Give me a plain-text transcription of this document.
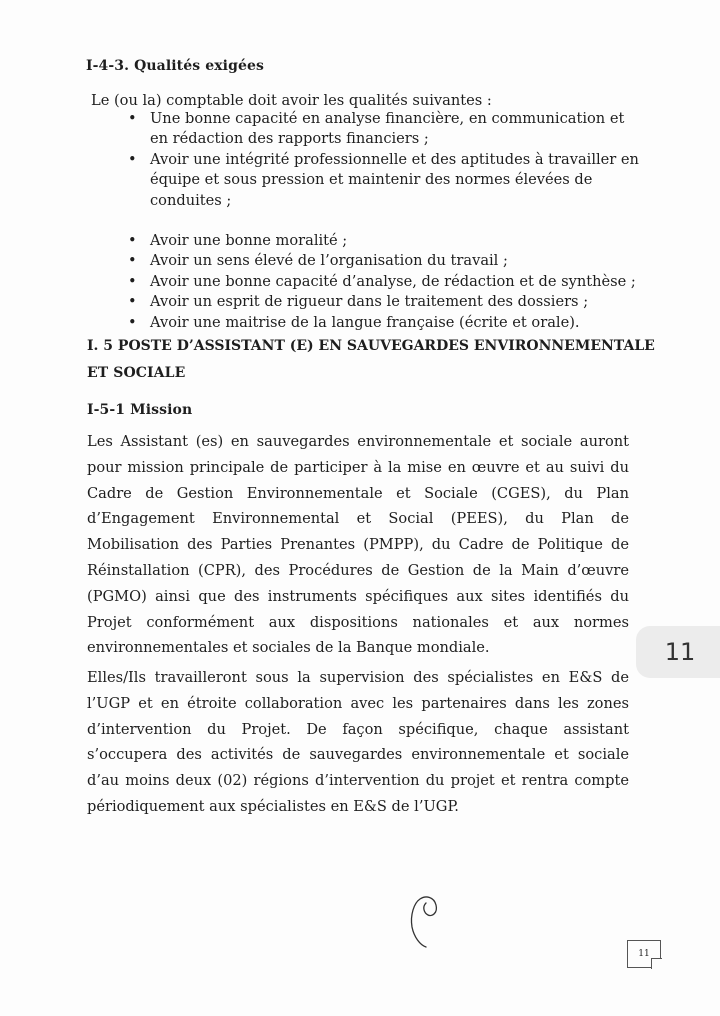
I-4-3. Qualités exigées
Le (ou la) comptable doit avoir les qualités suivantes :
• Une bonne capacité en analyse financière, en communication et en rédaction des rapports financiers ;
• Avoir une intégrité professionnelle et des aptitudes à travailler en équipe et sous pression et maintenir des normes élevées de conduites ;
• Avoir une bonne moralité ;
• Avoir un sens élevé de l’organisation du travail ;
• Avoir une bonne capacité d’analyse, de rédaction et de synthèse ;
• Avoir un esprit de rigueur dans le traitement des dossiers ;
• Avoir une maitrise de la langue française (écrite et orale).
I. 5 POSTE D’ASSISTANT (E) EN SAUVEGARDES ENVIRONNEMENTALE
ET SOCIALE
I-5-1 Mission
Les Assistant (es) en sauvegardes environnementale et sociale auront pour mission principale de participer à la mise en œuvre et au suivi du Cadre de Gestion Environnementale et Sociale (CGES), du Plan d’Engagement Environnemental et Social (PEES), du Plan de Mobilisation des Parties Prenantes (PMPP), du Cadre de Politique de Réinstallation (CPR), des Procédures de Gestion de la Main d’œuvre (PGMO) ainsi que des instruments spécifiques aux sites identifiés du Projet conformément aux dispositions nationales et aux normes environnementales et sociales de la Banque mondiale.
Elles/Ils travailleront sous la supervision des spécialistes en E&S de l’UGP et en étroite collaboration avec les partenaires dans les zones d’intervention du Projet. De façon spécifique, chaque assistant s’occupera des activités de sauvegardes environnementale et sociale d’au moins deux (02) régions d’intervention du projet et rentra compte périodiquement aux spécialistes en E&S de l’UGP.
11
11
